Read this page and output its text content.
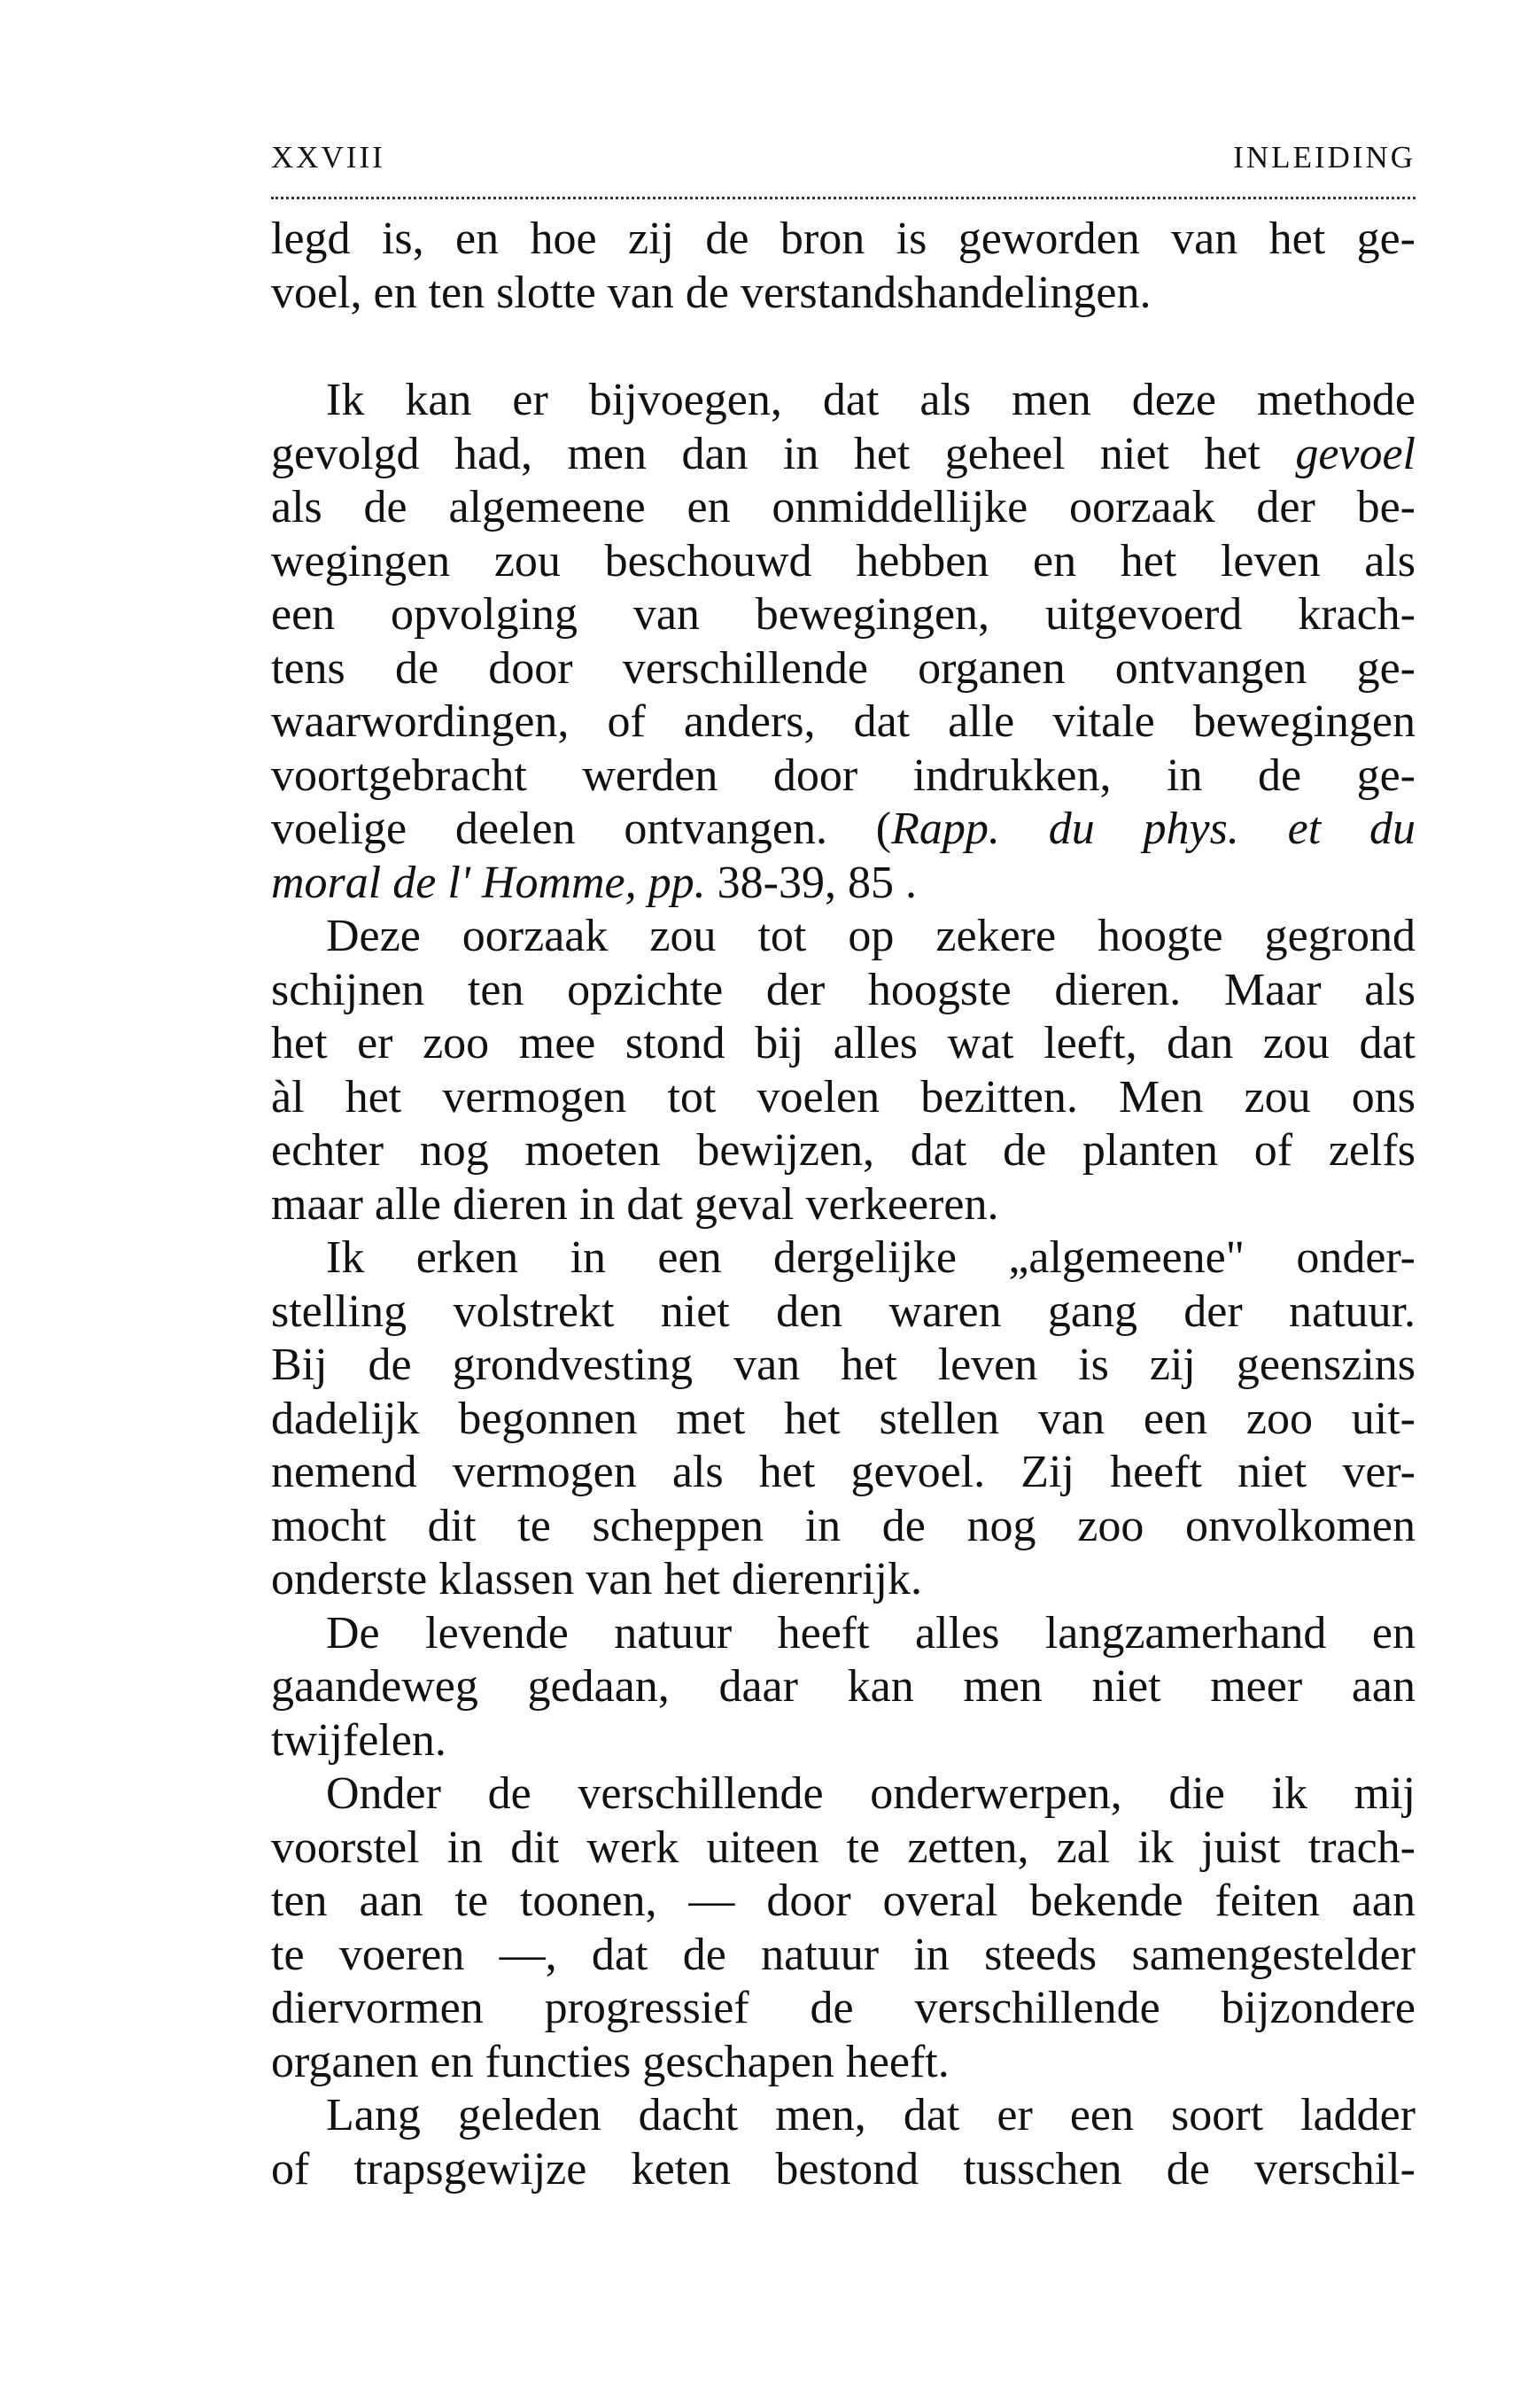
XXVIII	INLEIDING
legd is, en hoe zij de bron is geworden van het ge-
voel, en ten slotte van de verstandshandelingen.
Ik kan er bijvoegen, dat als men deze methode
gevolgd had, men dan in het geheel niet het gevoel
als de algemeene en onmiddellijke oorzaak der be-
wegingen zou beschouwd hebben en het leven als
een opvolging van bewegingen, uitgevoerd krach-
tens de door verschillende organen ontvangen ge-
waarwordingen, of anders, dat alle vitale bewegingen
voortgebracht werden door indrukken, in de ge-
voelige deelen ontvangen. (Rapp. du phys. et du
moral de l' Homme, pp. 38-39, 85 .
Deze oorzaak zou tot op zekere hoogte gegrond
schijnen ten opzichte der hoogste dieren. Maar als
het er zoo mee stond bij alles wat leeft, dan zou dat
àl het vermogen tot voelen bezitten. Men zou ons
echter nog moeten bewijzen, dat de planten of zelfs
maar alle dieren in dat geval verkeeren.
Ik erken in een dergelijke „algemeene" onder-
stelling volstrekt niet den waren gang der natuur.
Bij de grondvesting van het leven is zij geenszins
dadelijk begonnen met het stellen van een zoo uit-
nemend vermogen als het gevoel. Zij heeft niet ver-
mocht dit te scheppen in de nog zoo onvolkomen
onderste klassen van het dierenrijk.
De levende natuur heeft alles langzamerhand en
gaandeweg gedaan, daar kan men niet meer aan
twijfelen.
Onder de verschillende onderwerpen, die ik mij
voorstel in dit werk uiteen te zetten, zal ik juist trach-
ten aan te toonen, — door overal bekende feiten aan
te voeren —, dat de natuur in steeds samengestelder
diervormen progressief de verschillende bijzondere
organen en functies geschapen heeft.
Lang geleden dacht men, dat er een soort ladder
of trapsgewijze keten bestond tusschen de verschil-
